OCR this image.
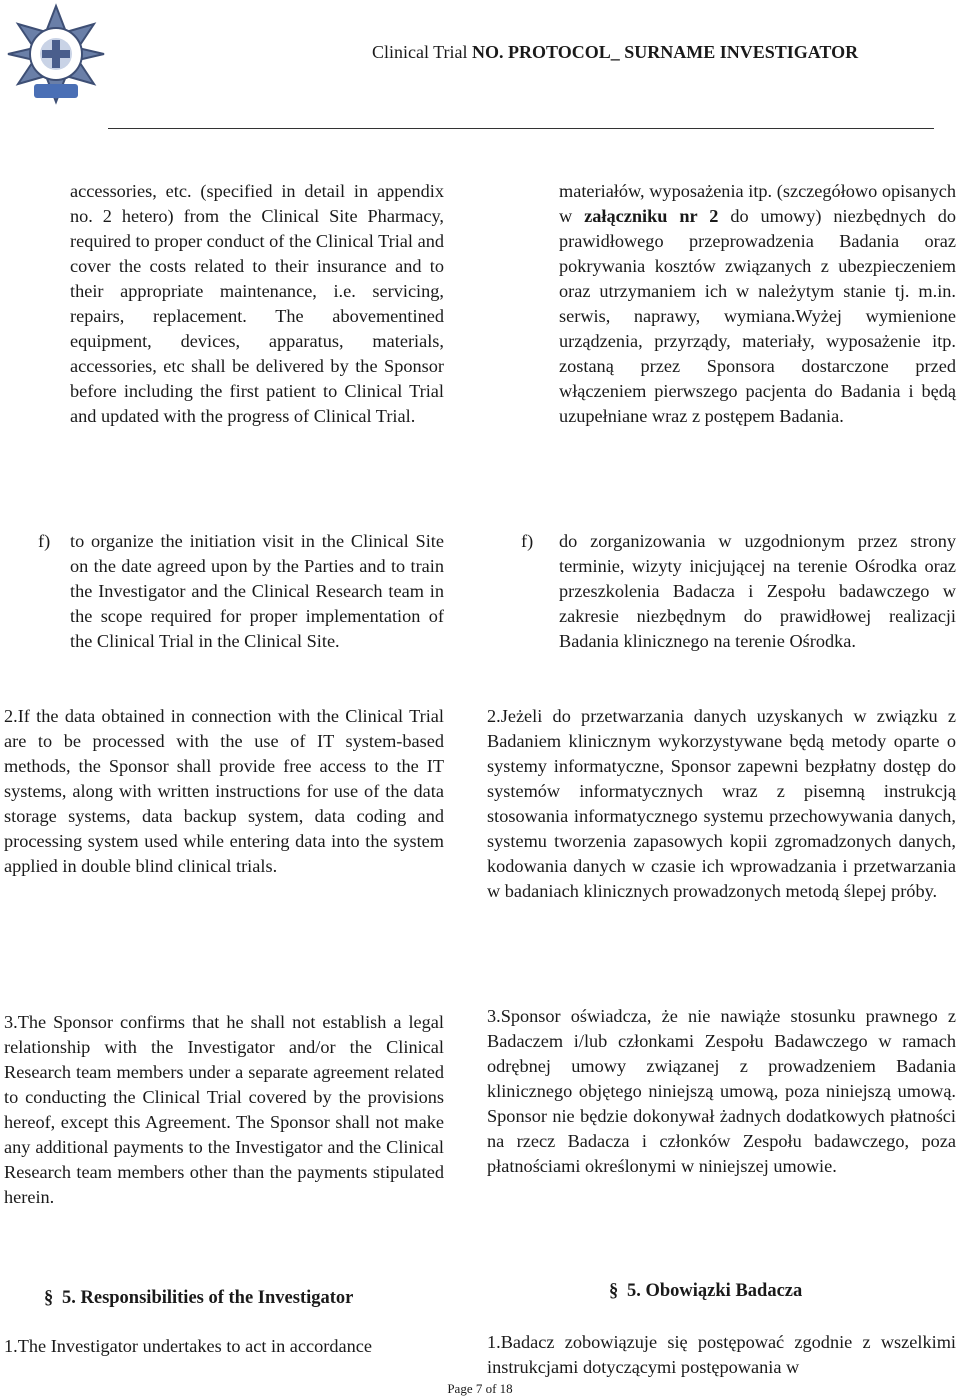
Clinical Trial NO. PROTOCOL_ SURNAME INVESTIGATOR
accessories, etc. (specified in detail in appendix no. 2 hetero) from the Clinical Site Pharmacy, required to proper conduct of the Clinical Trial and cover the costs related to their insurance and to their appropriate maintenance, i.e. servicing, repairs, replacement. The abovementined equipment, devices, apparatus, materials, accessories, etc shall be delivered by the Sponsor before including the first patient to Clinical Trial and updated with the progress of Clinical Trial.
materiałów, wyposażenia itp. (szczegółowo opisanych w załączniku nr 2 do umowy) niezbędnych do prawidłowego przeprowadzenia Badania oraz pokrywania kosztów związanych z ubezpieczeniem oraz utrzymaniem ich w należytym stanie tj. m.in. serwis, naprawy, wymiana.Wyżej wymienione urządzenia, przyrządy, materiały, wyposażenie itp. zostaną przez Sponsora dostarczone przed włączeniem pierwszego pacjenta do Badania i będą uzupełniane wraz z postępem Badania.
f) to organize the initiation visit in the Clinical Site on the date agreed upon by the Parties and to train the Investigator and the Clinical Research team in the scope required for proper implementation of the Clinical Trial in the Clinical Site.
f) do zorganizowania w uzgodnionym przez strony terminie, wizyty inicjującej na terenie Ośrodka oraz przeszkolenia Badacza i Zespołu badawczego w zakresie niezbędnym do prawidłowej realizacji Badania klinicznego na terenie Ośrodka.
2.If the data obtained in connection with the Clinical Trial are to be processed with the use of IT system-based methods, the Sponsor shall provide free access to the IT systems, along with written instructions for use of the data storage systems, data backup system, data coding and processing system used while entering data into the system applied in double blind clinical trials.
2.Jeżeli do przetwarzania danych uzyskanych w związku z Badaniem klinicznym wykorzystywane będą metody oparte o systemy informatyczne, Sponsor zapewni bezpłatny dostęp do systemów informatycznych wraz z pisemną instrukcją stosowania informatycznego systemu przechowywania danych, systemu tworzenia zapasowych kopii zgromadzonych danych, kodowania danych w czasie ich wprowadzania i przetwarzania w badaniach klinicznych prowadzonych metodą ślepej próby.
3.The Sponsor confirms that he shall not establish a legal relationship with the Investigator and/or the Clinical Research team members under a separate agreement related to conducting the Clinical Trial covered by the provisions hereof, except this Agreement. The Sponsor shall not make any additional payments to the Investigator and the Clinical Research team members other than the payments stipulated herein.
3.Sponsor oświadcza, że nie nawiąże stosunku prawnego z Badaczem i/lub członkami Zespołu Badawczego w ramach odrębnej umowy związanej z prowadzeniem Badania klinicznego objętego niniejszą umową, poza niniejszą umową. Sponsor nie będzie dokonywał żadnych dodatkowych płatności na rzecz Badacza i członków Zespołu badawczego, poza płatnościami określonymi w niniejszej umowie.
§ 5. Responsibilities of the Investigator	§ 5. Obowiązki Badacza
1.The Investigator undertakes to act in accordance	1.Badacz zobowiązuje się postępować zgodnie z wszelkimi instrukcjami dotyczącymi postępowania w
Page 7 of 18
